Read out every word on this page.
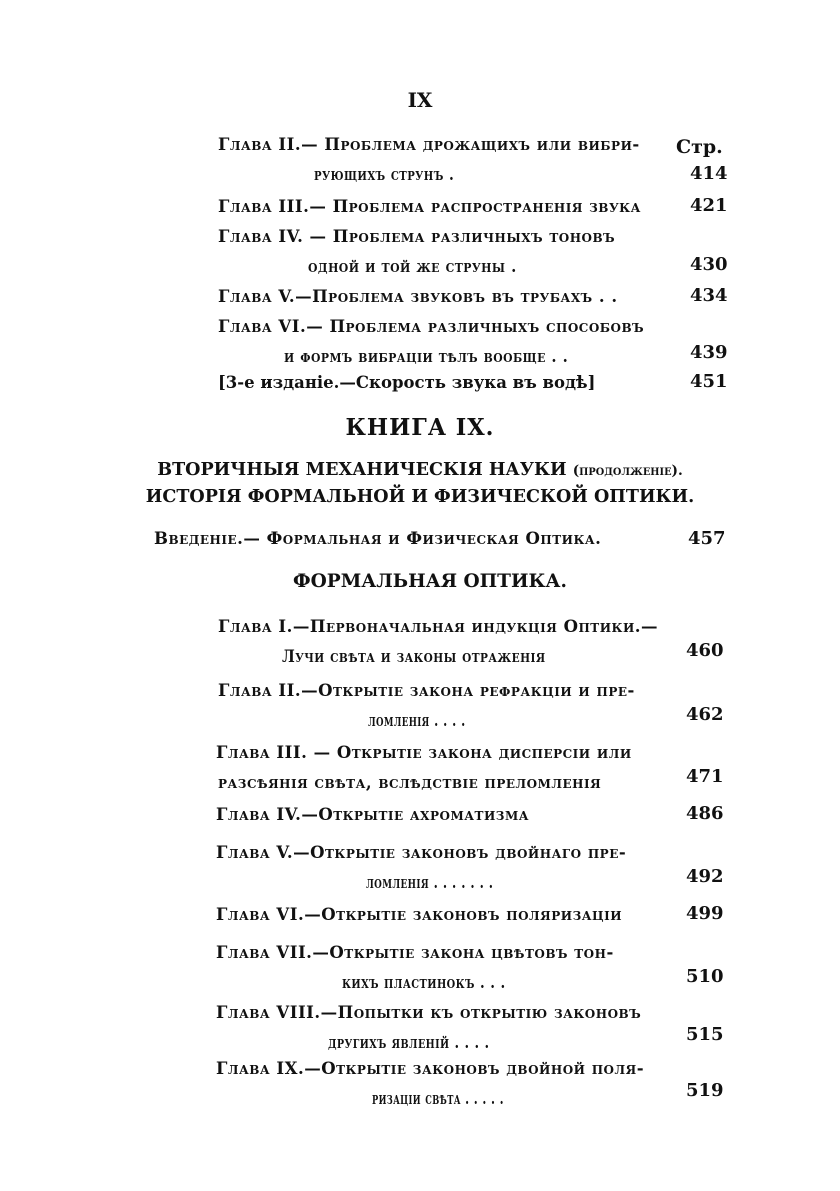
IX
Стр.
Глава II.— Проблема дрожащихъ или вибри-
рующихъ струнъ .	414
Глава III.— Проблема распространенія звука	421
Глава IV. — Проблема различныхъ тоновъ
одной и той же струны .	430
Глава V.—Проблема звуковъ въ трубахъ . .	434
Глава VI.— Проблема различныхъ способовъ
и формъ вибраціи тѣлъ вообще . .	439
[3-е изданіе.—Скорость звука въ водѣ]	451
КНИГА IX.
ВТОРИЧНЫЯ МЕХАНИЧЕСКІЯ НАУКИ (продолженіе).
ИСТОРІЯ ФОРМАЛЬНОЙ И ФИЗИЧЕСКОЙ ОПТИКИ.
Введеніе.— Формальная и Физическая Оптика.	457
ФОРМАЛЬНАЯ ОПТИКА.
Глава I.—Первоначальная индукція Оптики.—
Лучи свѣта и законы отраженія	460
Глава II.—Открытіе закона рефракціи и пре-
ломленія . . . .	462
Глава III. — Открытіе закона дисперсіи или
разсѣянія свѣта, вслѣдствіе преломленія	471
Глава IV.—Открытіе ахроматизма	486
Глава V.—Открытіе законовъ двойнаго пре-
ломленія . . . . . . .	492
Глава VI.—Открытіе законовъ поляризаціи	499
Глава VII.—Открытіе закона цвѣтовъ тон-
кихъ пластинокъ . . .	510
Глава VIII.—Попытки къ открытію законовъ
другихъ явленій . . . .	515
Глава IX.—Открытіе законовъ двойной поля-
ризаціи свѣта . . . . .	519
